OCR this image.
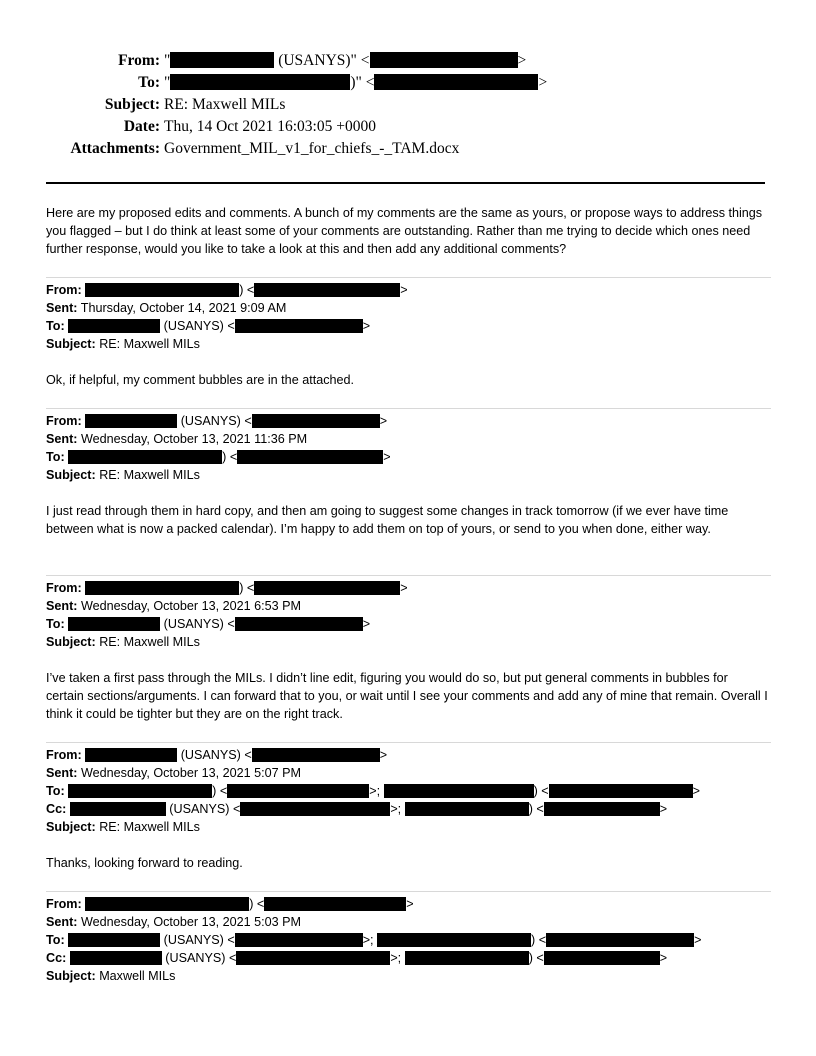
From: "	(USANYS)" <	>
To: "	)" <	>
Subject: RE: Maxwell MILs
Date: Thu, 14 Oct 2021 16:03:05 +0000
Attachments: Government_MIL_v1_for_chiefs_-_TAM.docx
Here are my proposed edits and comments. A bunch of my comments are the same as yours, or propose ways to address things you flagged – but I do think at least some of your comments are outstanding. Rather than me trying to decide which ones need further response, would you like to take a look at this and then add any additional comments?
From:	) <	>
Sent: Thursday, October 14, 2021 9:09 AM
To:	(USANYS) <	>
Subject: RE: Maxwell MILs
Ok, if helpful, my comment bubbles are in the attached.
From:	(USANYS) <	>
Sent: Wednesday, October 13, 2021 11:36 PM
To:	) <	>
Subject: RE: Maxwell MILs
I just read through them in hard copy, and then am going to suggest some changes in track tomorrow (if we ever have time between what is now a packed calendar). I’m happy to add them on top of yours, or send to you when done, either way.
From:	) <	>
Sent: Wednesday, October 13, 2021 6:53 PM
To:	(USANYS) <	>
Subject: RE: Maxwell MILs
I’ve taken a first pass through the MILs. I didn’t line edit, figuring you would do so, but put general comments in bubbles for certain sections/arguments. I can forward that to you, or wait until I see your comments and add any of mine that remain. Overall I think it could be tighter but they are on the right track.
From:	(USANYS) <	>
Sent: Wednesday, October 13, 2021 5:07 PM
To:	) <	>;	) <	>
Cc:	(USANYS) <	>;	) <	>
Subject: RE: Maxwell MILs
Thanks, looking forward to reading.
From:	) <	>
Sent: Wednesday, October 13, 2021 5:03 PM
To:	(USANYS) <	>;	) <	>
Cc:	(USANYS) <	>;	) <	>
Subject: Maxwell MILs
